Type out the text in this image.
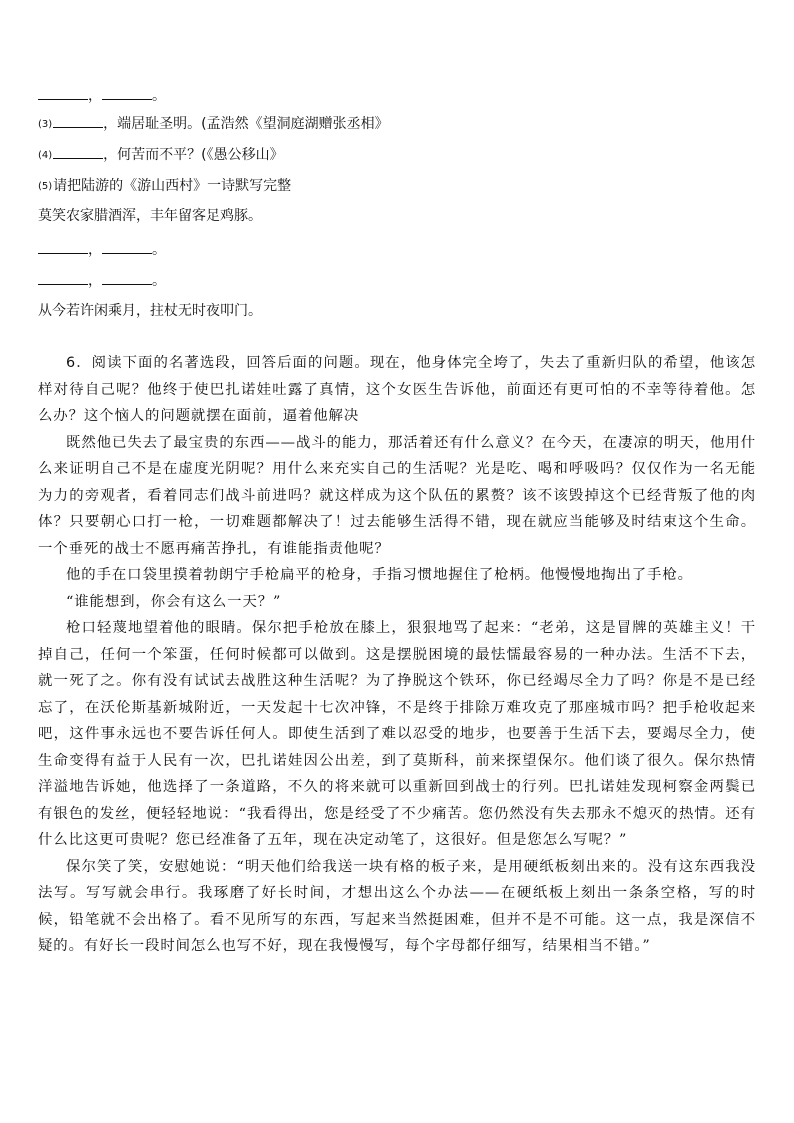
，	。
(3)	，端居耻圣明。(孟浩然《望洞庭湖赠张丞相》
(4)	，何苦而不平？(《愚公移山》
(5)请把陆游的《游山西村》一诗默写完整
莫笑农家腊酒浑，丰年留客足鸡豚。
，	。
，	。
从今若许闲乘月，拄杖无时夜叩门。

6．阅读下面的名著选段，回答后面的问题。现在，他身体完全垮了，失去了重新归队的希望，他该怎样对待自己呢？他终于使巴扎诺娃吐露了真情，这个女医生告诉他，前面还有更可怕的不幸等待着他。怎么办？这个恼人的问题就摆在面前，逼着他解决

既然他已失去了最宝贵的东西——战斗的能力，那活着还有什么意义？在今天，在凄凉的明天，他用什么来证明自己不是在虚度光阴呢？用什么来充实自己的生活呢？光是吃、喝和呼吸吗？仅仅作为一名无能为力的旁观者，看着同志们战斗前进吗？就这样成为这个队伍的累赘？该不该毁掉这个已经背叛了他的肉体？只要朝心口打一枪，一切难题都解决了！过去能够生活得不错，现在就应当能够及时结束这个生命。一个垂死的战士不愿再痛苦挣扎，有谁能指责他呢？

他的手在口袋里摸着勃朗宁手枪扁平的枪身，手指习惯地握住了枪柄。他慢慢地掏出了手枪。

“谁能想到，你会有这么一天？”

枪口轻蔑地望着他的眼睛。保尔把手枪放在膝上，狠狠地骂了起来：“老弟，这是冒牌的英雄主义！干掉自己，任何一个笨蛋，任何时候都可以做到。这是摆脱困境的最怯懦最容易的一种办法。生活不下去，就一死了之。你有没有试试去战胜这种生活呢？为了挣脱这个铁环，你已经竭尽全力了吗？你是不是已经忘了，在沃伦斯基新城附近，一天发起十七次冲锋，不是终于排除万难攻克了那座城市吗？把手枪收起来吧，这件事永远也不要告诉任何人。即使生活到了难以忍受的地步，也要善于生活下去，要竭尽全力，使生命变得有益于人民有一次，巴扎诺娃因公出差，到了莫斯科，前来探望保尔。他们谈了很久。保尔热情洋溢地告诉她，他选择了一条道路，不久的将来就可以重新回到战士的行列。巴扎诺娃发现柯察金两鬓已有银色的发丝，便轻轻地说：“我看得出，您是经受了不少痛苦。您仍然没有失去那永不熄灭的热情。还有什么比这更可贵呢？您已经准备了五年，现在决定动笔了，这很好。但是您怎么写呢？”

保尔笑了笑，安慰她说：“明天他们给我送一块有格的板子来，是用硬纸板刻出来的。没有这东西我没法写。写写就会串行。我琢磨了好长时间，才想出这么个办法——在硬纸板上刻出一条条空格，写的时候，铅笔就不会出格了。看不见所写的东西，写起来当然挺困难，但并不是不可能。这一点，我是深信不疑的。有好长一段时间怎么也写不好，现在我慢慢写，每个字母都仔细写，结果相当不错。”
